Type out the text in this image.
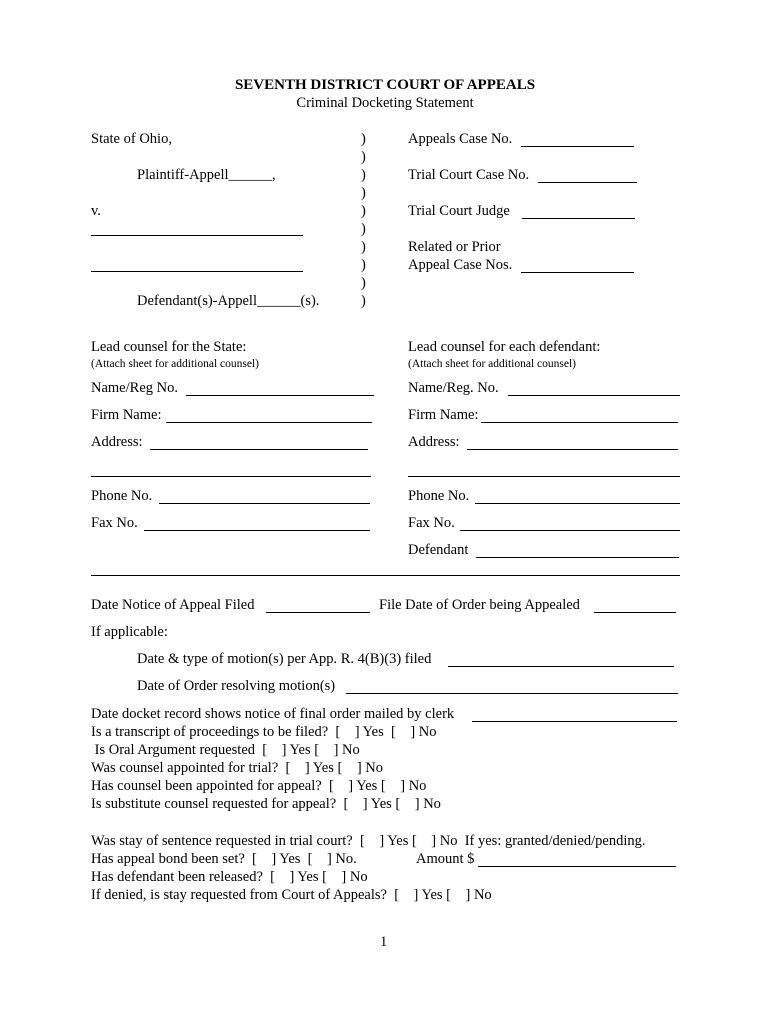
SEVENTH DISTRICT COURT OF APPEALS
Criminal Docketing Statement
State of Ohio,
Plaintiff-Appell______,
v.
Defendant(s)-Appell______(s).
)
)
)
)
)
)
)
)
)
)
Appeals Case No.
Trial Court Case No.
Trial Court Judge
Related or Prior
Appeal Case Nos.
Lead counsel for the State:
(Attach sheet for additional counsel)
Lead counsel for each defendant:
(Attach sheet for additional counsel)
Name/Reg No.
Firm Name:
Address:
Phone No.
Fax No.
Name/Reg. No.
Firm Name:
Address:
Phone No.
Fax No.
Defendant
Date Notice of Appeal Filed	File Date of Order being Appealed
If applicable:
Date & type of motion(s) per App. R. 4(B)(3) filed
Date of Order resolving motion(s)
Date docket record shows notice of final order mailed by clerk
Is a transcript of proceedings to be filed?  [    ] Yes  [    ] No
Is Oral Argument requested  [    ] Yes [    ] No
Was counsel appointed for trial?  [    ] Yes [    ] No
Has counsel been appointed for appeal?  [    ] Yes [    ] No
Is substitute counsel requested for appeal?  [    ] Yes [    ] No
Was stay of sentence requested in trial court?  [    ] Yes [    ] No  If yes: granted/denied/pending.
Has appeal bond been set?  [    ] Yes  [    ] No.	Amount $
Has defendant been released?  [    ] Yes [    ] No
If denied, is stay requested from Court of Appeals?  [    ] Yes [    ] No
1
